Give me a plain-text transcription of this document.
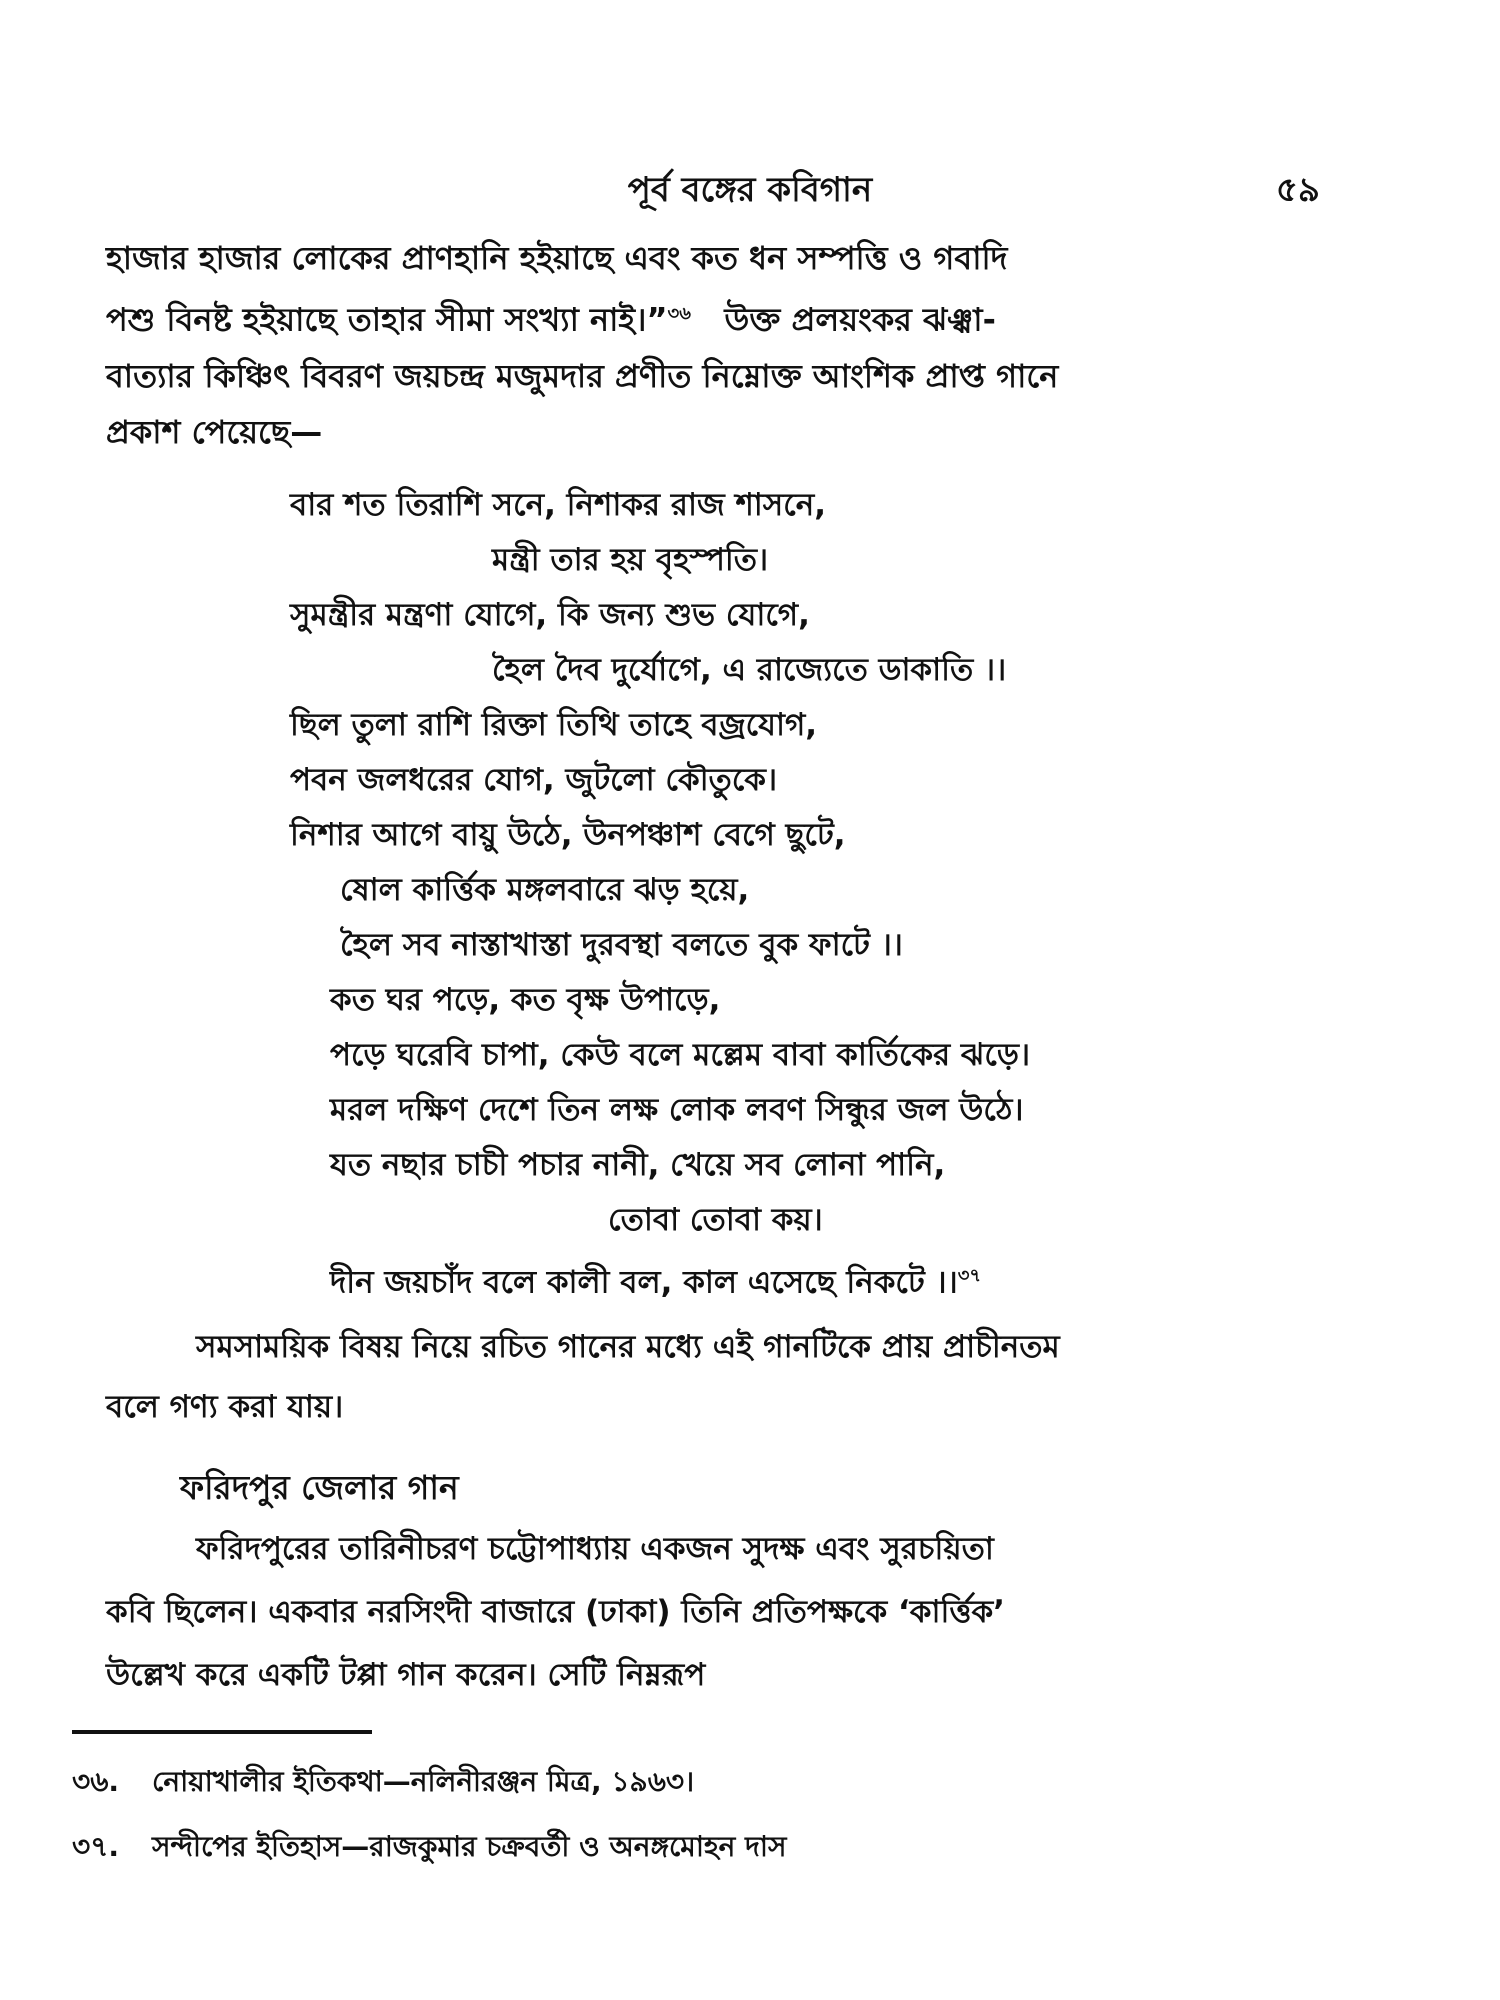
পূর্ব বঙ্গের কবিগান	৫৯
হাজার হাজার লোকের প্রাণহানি হইয়াছে এবং কত ধন সম্পত্তি ও গবাদি
পশু বিনষ্ট হইয়াছে তাহার সীমা সংখ্যা নাই।”$^{৩৬}$ উক্ত প্রলয়ংকর ঝঞ্ঝা-
বাত্যার কিঞ্চিৎ বিবরণ জয়চন্দ্র মজুমদার প্রণীত নিম্নোক্ত আংশিক প্রাপ্ত গানে
প্রকাশ পেয়েছে—
বার শত তিরাশি সনে, নিশাকর রাজ শাসনে,
মন্ত্রী তার হয় বৃহস্পতি।
সুমন্ত্রীর মন্ত্রণা যোগে, কি জন্য শুভ যোগে,
হৈল দৈব দুর্যোগে, এ রাজ্যেতে ডাকাতি ।।
ছিল তুলা রাশি রিক্তা তিথি তাহে বজ্রযোগ,
পবন জলধরের যোগ, জুটলো কৌতুকে।
নিশার আগে বায়ু উঠে, উনপঞ্চাশ বেগে ছুটে,
ষোল কার্ত্তিক মঙ্গলবারে ঝড় হয়ে,
হৈল সব নাস্তাখাস্তা দুরবস্থা বলতে বুক ফাটে ।।
কত ঘর পড়ে, কত বৃক্ষ উপাড়ে,
পড়ে ঘরেবি চাপা, কেউ বলে মল্লেম বাবা কার্তিকের ঝড়ে।
মরল দক্ষিণ দেশে তিন লক্ষ লোক লবণ সিন্ধুর জল উঠে।
যত নছার চাচী পচার নানী, খেয়ে সব লোনা পানি,
তোবা তোবা কয়।
দীন জয়চাঁদ বলে কালী বল, কাল এসেছে নিকটে ।।$^{৩৭}$
সমসাময়িক বিষয় নিয়ে রচিত গানের মধ্যে এই গানটিকে প্রায় প্রাচীনতম
বলে গণ্য করা যায়।
ফরিদপুর জেলার গান
ফরিদপুরের তারিনীচরণ চট্টোপাধ্যায় একজন সুদক্ষ এবং সুরচয়িতা
কবি ছিলেন। একবার নরসিংদী বাজারে (ঢাকা) তিনি প্রতিপক্ষকে ‘কার্ত্তিক’
উল্লেখ করে একটি টপ্পা গান করেন। সেটি নিম্নরূপ
৩৬. নোয়াখালীর ইতিকথা—নলিনীরঞ্জন মিত্র, ১৯৬৩।
৩৭. সন্দীপের ইতিহাস—রাজকুমার চক্রবর্তী ও অনঙ্গমোহন দাস
